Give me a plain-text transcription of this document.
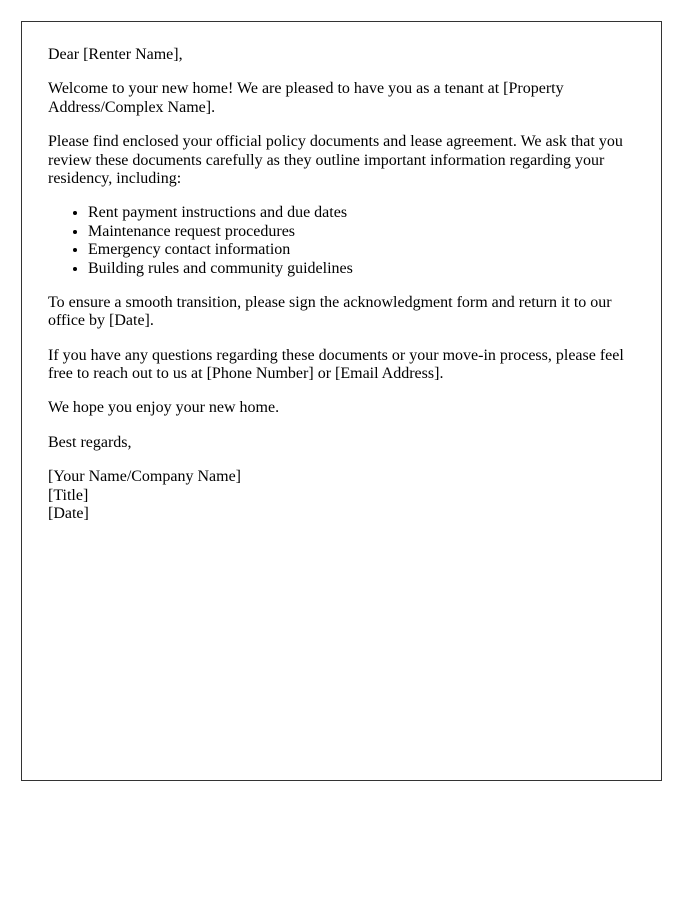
Dear [Renter Name],

Welcome to your new home! We are pleased to have you as a tenant at [Property Address/Complex Name].

Please find enclosed your official policy documents and lease agreement. We ask that you review these documents carefully as they outline important information regarding your residency, including:

• Rent payment instructions and due dates
• Maintenance request procedures
• Emergency contact information
• Building rules and community guidelines

To ensure a smooth transition, please sign the acknowledgment form and return it to our office by [Date].

If you have any questions regarding these documents or your move-in process, please feel free to reach out to us at [Phone Number] or [Email Address].

We hope you enjoy your new home.

Best regards,

[Your Name/Company Name]
[Title]
[Date]
